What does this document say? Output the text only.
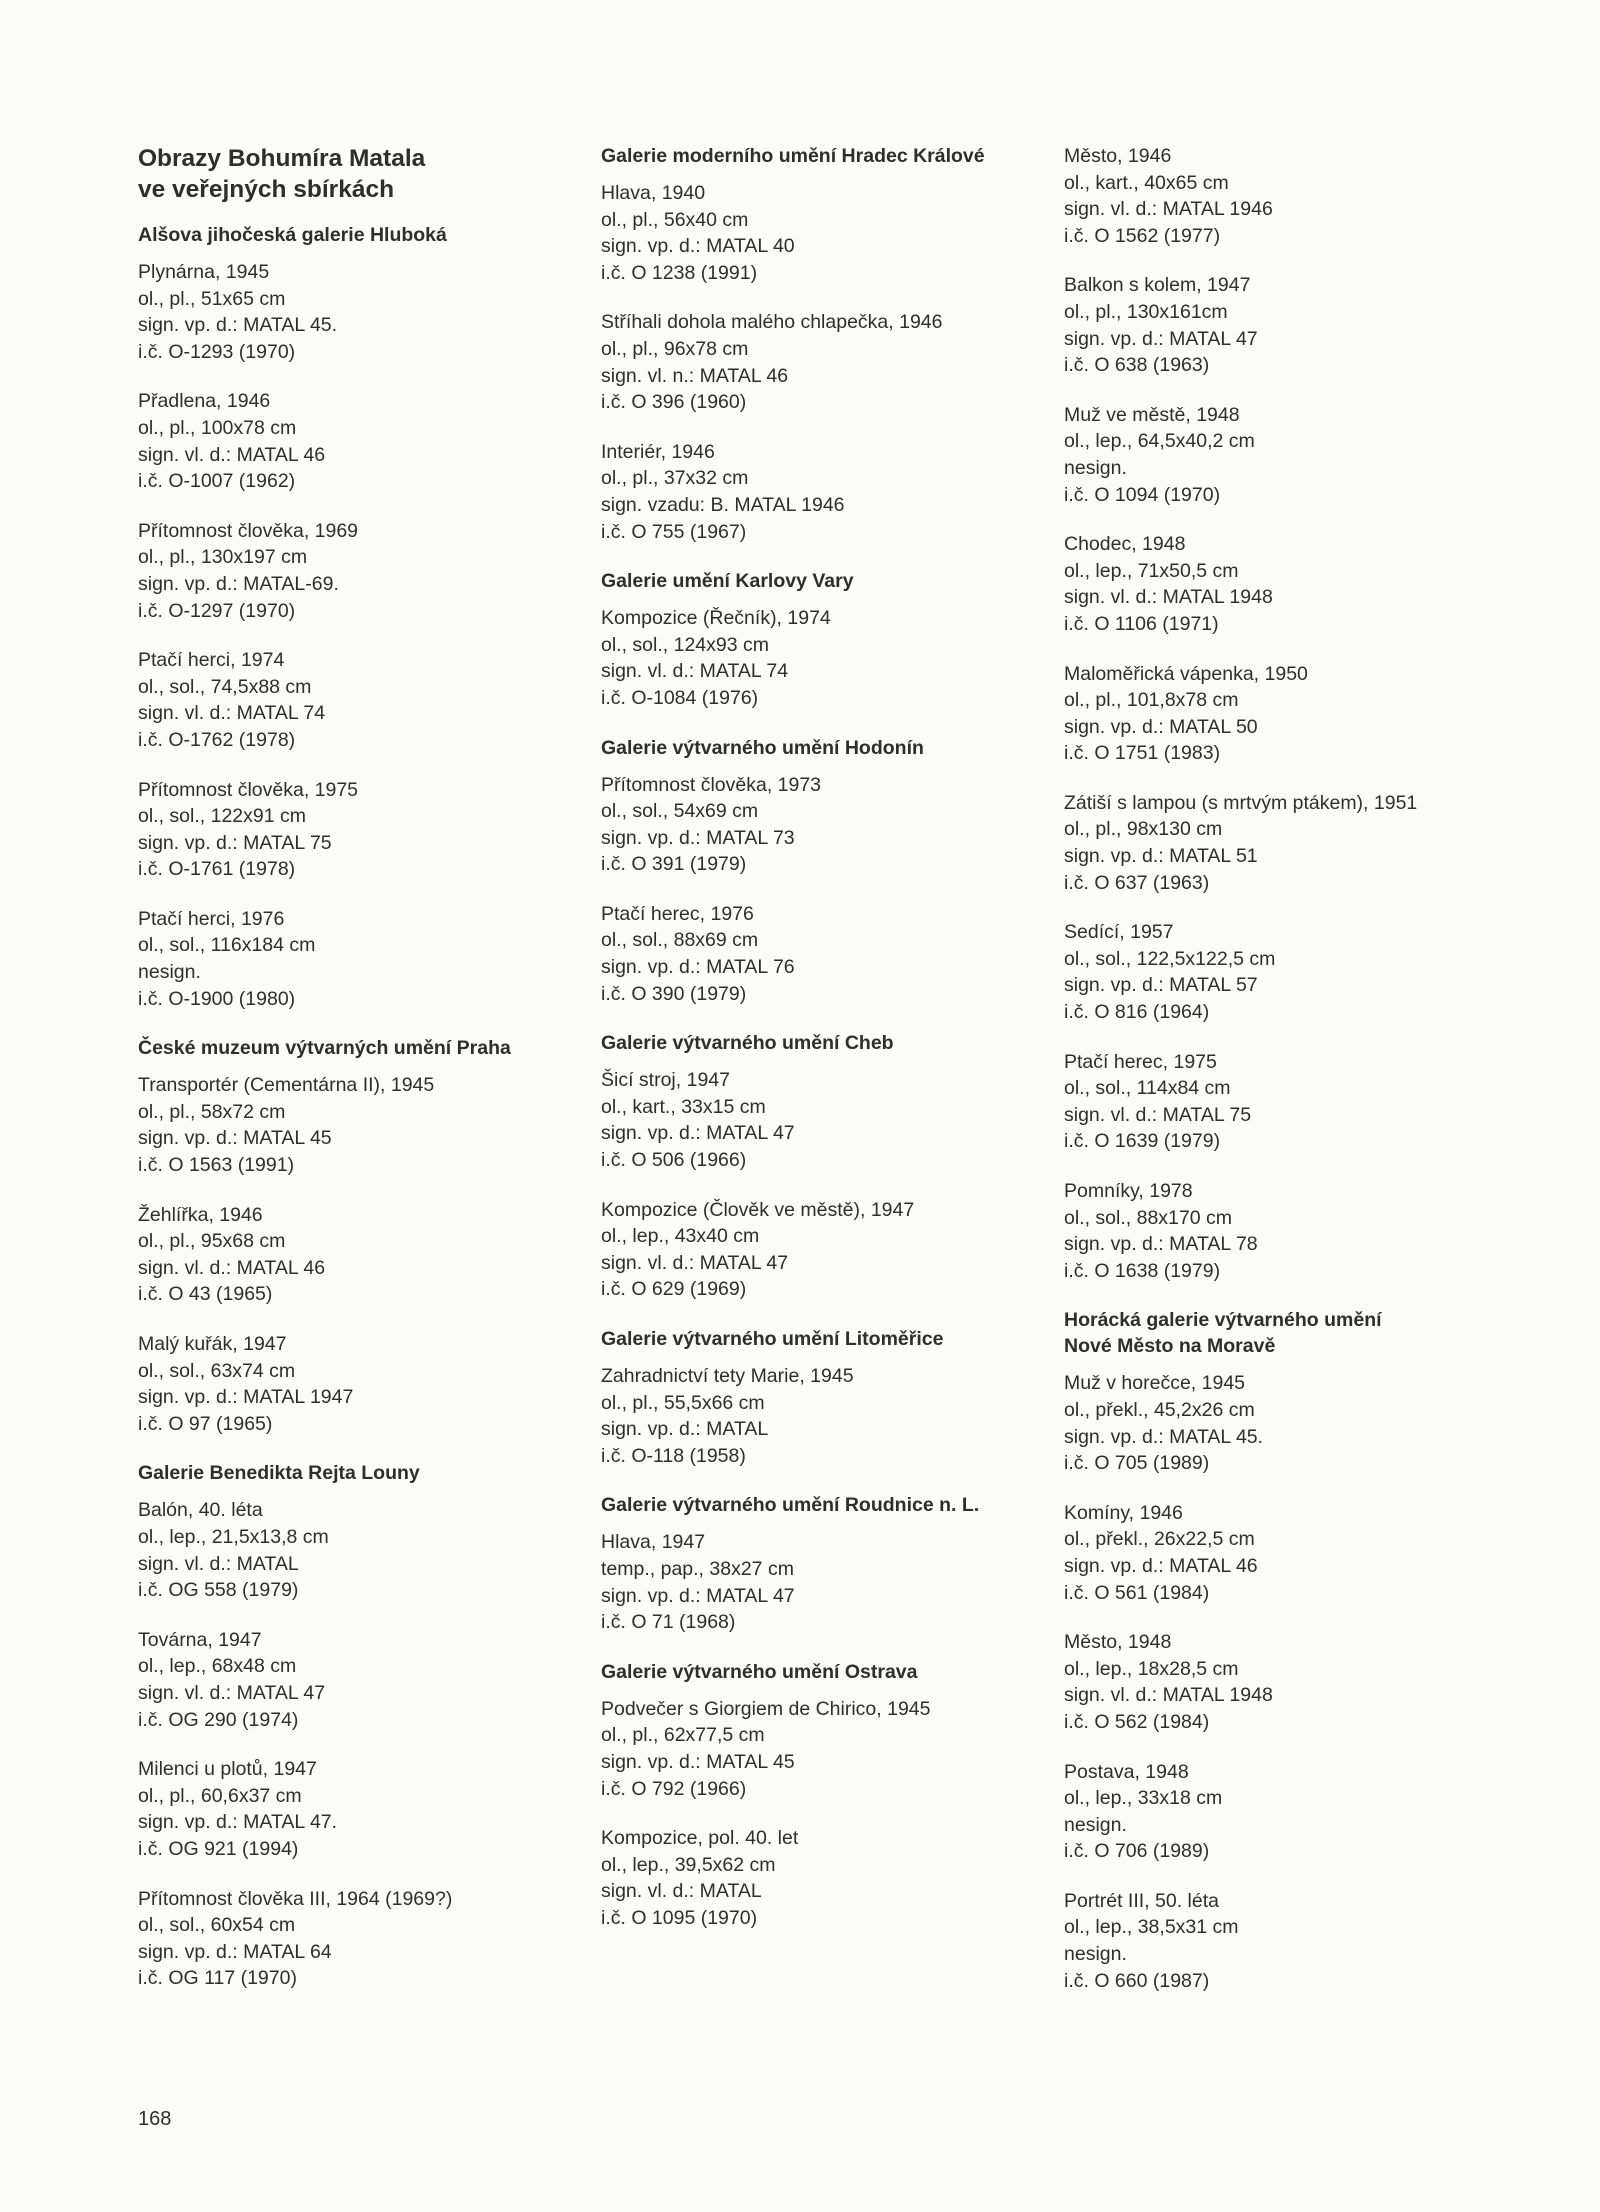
Obrazy Bohumíra Matala
ve veřejných sbírkách
Alšova jihočeská galerie Hluboká
Plynárna, 1945
ol., pl., 51x65 cm
sign. vp. d.: MATAL 45.
i.č. O-1293 (1970)
Přadlena, 1946
ol., pl., 100x78 cm
sign. vl. d.: MATAL 46
i.č. O-1007 (1962)
Přítomnost člověka, 1969
ol., pl., 130x197 cm
sign. vp. d.: MATAL-69.
i.č. O-1297 (1970)
Ptačí herci, 1974
ol., sol., 74,5x88 cm
sign. vl. d.: MATAL 74
i.č. O-1762 (1978)
Přítomnost člověka, 1975
ol., sol., 122x91 cm
sign. vp. d.: MATAL 75
i.č. O-1761 (1978)
Ptačí herci, 1976
ol., sol., 116x184 cm
nesign.
i.č. O-1900 (1980)
České muzeum výtvarných umění Praha
Transportér (Cementárna II), 1945
ol., pl., 58x72 cm
sign. vp. d.: MATAL 45
i.č. O 1563 (1991)
Žehlířka, 1946
ol., pl., 95x68 cm
sign. vl. d.: MATAL 46
i.č. O 43 (1965)
Malý kuřák, 1947
ol., sol., 63x74 cm
sign. vp. d.: MATAL 1947
i.č. O 97 (1965)
Galerie Benedikta Rejta Louny
Balón, 40. léta
ol., lep., 21,5x13,8 cm
sign. vl. d.: MATAL
i.č. OG 558 (1979)
Továrna, 1947
ol., lep., 68x48 cm
sign. vl. d.: MATAL 47
i.č. OG 290 (1974)
Milenci u plotů, 1947
ol., pl., 60,6x37 cm
sign. vp. d.: MATAL 47.
i.č. OG 921 (1994)
Přítomnost člověka III, 1964 (1969?)
ol., sol., 60x54 cm
sign. vp. d.: MATAL 64
i.č. OG 117 (1970)
Galerie moderního umění Hradec Králové
Hlava, 1940
ol., pl., 56x40 cm
sign. vp. d.: MATAL 40
i.č. O 1238 (1991)
Stříhali dohola malého chlapečka, 1946
ol., pl., 96x78 cm
sign. vl. n.: MATAL 46
i.č. O 396 (1960)
Interiér, 1946
ol., pl., 37x32 cm
sign. vzadu: B. MATAL 1946
i.č. O 755 (1967)
Galerie umění Karlovy Vary
Kompozice (Řečník), 1974
ol., sol., 124x93 cm
sign. vl. d.: MATAL 74
i.č. O-1084 (1976)
Galerie výtvarného umění Hodonín
Přítomnost člověka, 1973
ol., sol., 54x69 cm
sign. vp. d.: MATAL 73
i.č. O 391 (1979)
Ptačí herec, 1976
ol., sol., 88x69 cm
sign. vp. d.: MATAL 76
i.č. O 390 (1979)
Galerie výtvarného umění Cheb
Šicí stroj, 1947
ol., kart., 33x15 cm
sign. vp. d.: MATAL 47
i.č. O 506 (1966)
Kompozice (Člověk ve městě), 1947
ol., lep., 43x40 cm
sign. vl. d.: MATAL 47
i.č. O 629 (1969)
Galerie výtvarného umění Litoměřice
Zahradnictví tety Marie, 1945
ol., pl., 55,5x66 cm
sign. vp. d.: MATAL
i.č. O-118 (1958)
Galerie výtvarného umění Roudnice n. L.
Hlava, 1947
temp., pap., 38x27 cm
sign. vp. d.: MATAL 47
i.č. O 71 (1968)
Galerie výtvarného umění Ostrava
Podvečer s Giorgiem de Chirico, 1945
ol., pl., 62x77,5 cm
sign. vp. d.: MATAL 45
i.č. O 792 (1966)
Kompozice, pol. 40. let
ol., lep., 39,5x62 cm
sign. vl. d.: MATAL
i.č. O 1095 (1970)
Město, 1946
ol., kart., 40x65 cm
sign. vl. d.: MATAL 1946
i.č. O 1562 (1977)
Balkon s kolem, 1947
ol., pl., 130x161cm
sign. vp. d.: MATAL 47
i.č. O 638 (1963)
Muž ve městě, 1948
ol., lep., 64,5x40,2 cm
nesign.
i.č. O 1094 (1970)
Chodec, 1948
ol., lep., 71x50,5 cm
sign. vl. d.: MATAL 1948
i.č. O 1106 (1971)
Maloměřická vápenka, 1950
ol., pl., 101,8x78 cm
sign. vp. d.: MATAL 50
i.č. O 1751 (1983)
Zátiší s lampou (s mrtvým ptákem), 1951
ol., pl., 98x130 cm
sign. vp. d.: MATAL 51
i.č. O 637 (1963)
Sedící, 1957
ol., sol., 122,5x122,5 cm
sign. vp. d.: MATAL 57
i.č. O 816 (1964)
Ptačí herec, 1975
ol., sol., 114x84 cm
sign. vl. d.: MATAL 75
i.č. O 1639 (1979)
Pomníky, 1978
ol., sol., 88x170 cm
sign. vp. d.: MATAL 78
i.č. O 1638 (1979)
Horácká galerie výtvarného umění
Nové Město na Moravě
Muž v horečce, 1945
ol., překl., 45,2x26 cm
sign. vp. d.: MATAL 45.
i.č. O 705 (1989)
Komíny, 1946
ol., překl., 26x22,5 cm
sign. vp. d.: MATAL 46
i.č. O 561 (1984)
Město, 1948
ol., lep., 18x28,5 cm
sign. vl. d.: MATAL 1948
i.č. O 562 (1984)
Postava, 1948
ol., lep., 33x18 cm
nesign.
i.č. O 706 (1989)
Portrét III, 50. léta
ol., lep., 38,5x31 cm
nesign.
i.č. O 660 (1987)
168
